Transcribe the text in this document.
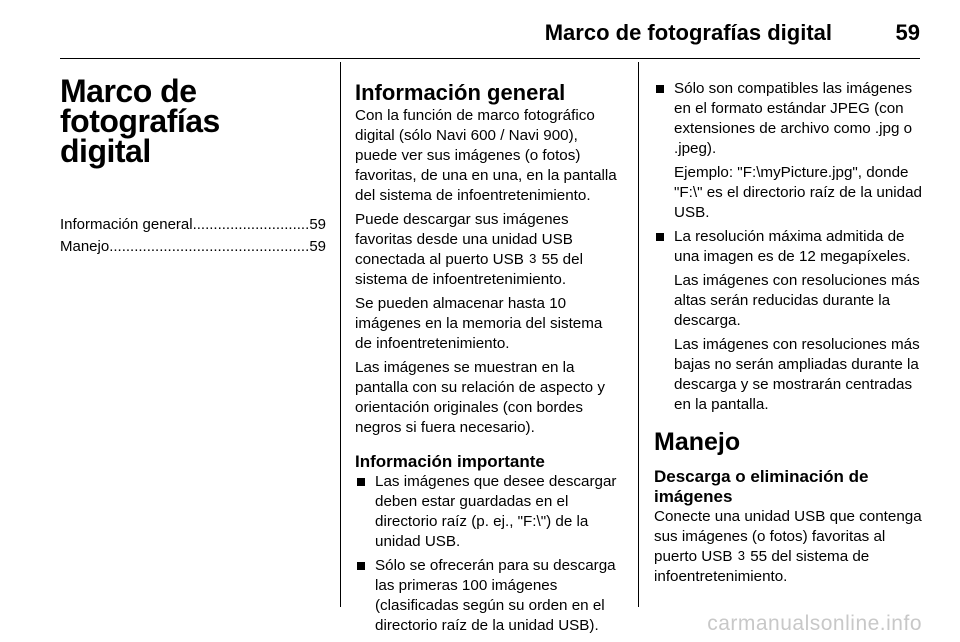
Marco de fotografías digital	59
Marco de fotografías
digital
Información general .....	59
Manejo .....	59
Información general

Con la función de marco fotográfico digital (sólo Navi 600 / Navi 900), puede ver sus imágenes (o fotos) favoritas, de una en una, en la pantalla del sistema de infoentretenimiento.

Puede descargar sus imágenes favoritas desde una unidad USB conectada al puerto USB 3 55 del sistema de infoentretenimiento.

Se pueden almacenar hasta 10 imágenes en la memoria del sistema de infoentretenimiento.

Las imágenes se muestran en la pantalla con su relación de aspecto y orientación originales (con bordes negros si fuera necesario).

Información importante
Las imágenes que desee descargar deben estar guardadas en el directorio raíz (p. ej., "F:\") de la unidad USB.
Sólo se ofrecerán para su descarga las primeras 100 imágenes (clasificadas según su orden en el directorio raíz de la unidad USB).

Sólo son compatibles las imágenes en el formato estándar JPEG (con extensiones de archivo como .jpg o .jpeg).

Ejemplo: "F:\myPicture.jpg", donde "F:\" es el directorio raíz de la unidad USB.

La resolución máxima admitida de una imagen es de 12 megapíxeles.

Las imágenes con resoluciones más altas serán reducidas durante la descarga.

Las imágenes con resoluciones más bajas no serán ampliadas durante la descarga y se mostrarán centradas en la pantalla.

Manejo
Descarga o eliminación de imágenes

Conecte una unidad USB que contenga sus imágenes (o fotos) favoritas al puerto USB 3 55 del sistema de infoentretenimiento.

carmanualsonline.info
